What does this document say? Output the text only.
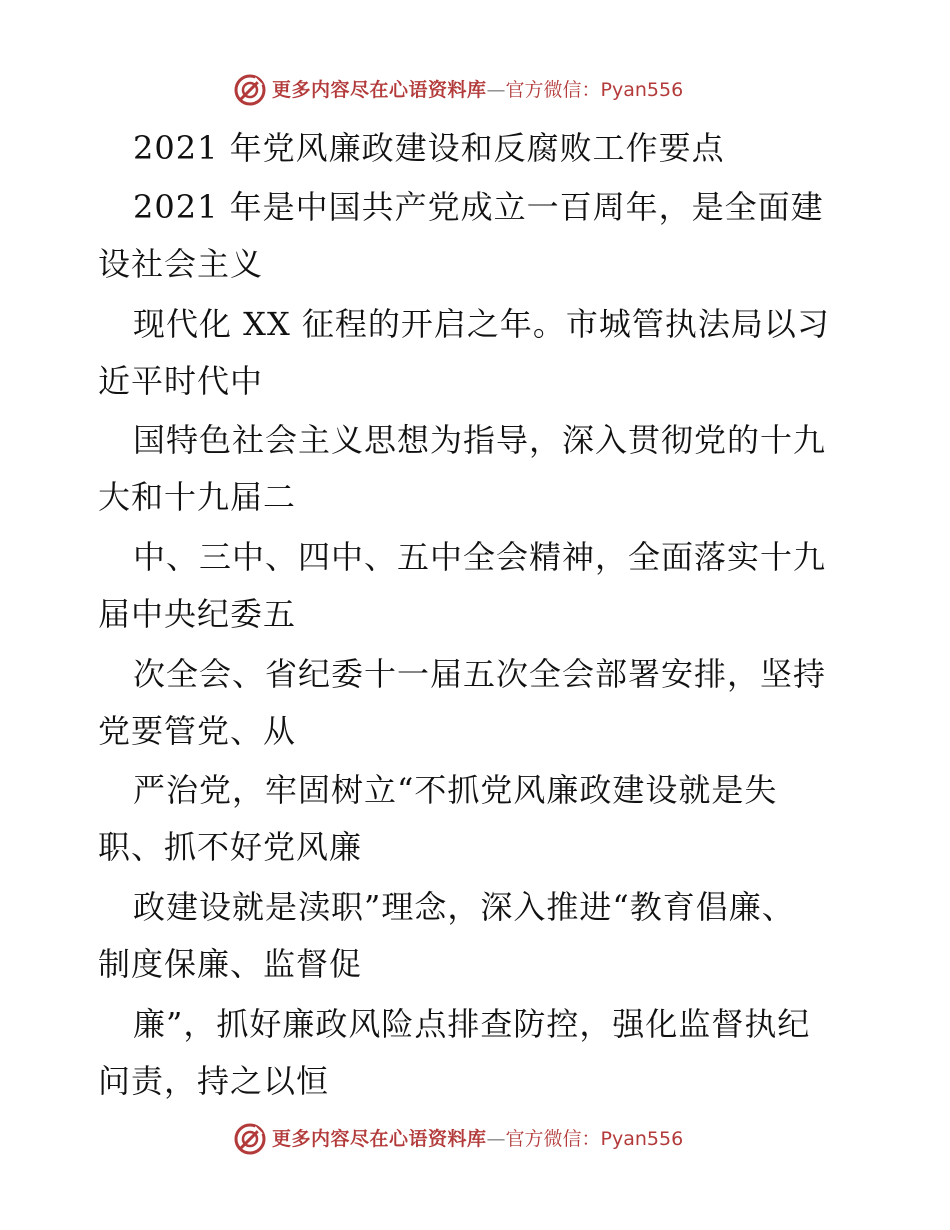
更多内容尽在心语资料库—官方微信：Pyan556
2021 年党风廉政建设和反腐败工作要点
2021 年是中国共产党成立一百周年，是全面建
设社会主义
现代化 XX 征程的开启之年。市城管执法局以习
近平时代中
国特色社会主义思想为指导，深入贯彻党的十九
大和十九届二
中、三中、四中、五中全会精神，全面落实十九
届中央纪委五
次全会、省纪委十一届五次全会部署安排，坚持
党要管党、从
严治党，牢固树立“不抓党风廉政建设就是失
职、抓不好党风廉
政建设就是渎职”理念，深入推进“教育倡廉、
制度保廉、监督促
廉”，抓好廉政风险点排查防控，强化监督执纪
问责，持之以恒
更多内容尽在心语资料库—官方微信：Pyan556
